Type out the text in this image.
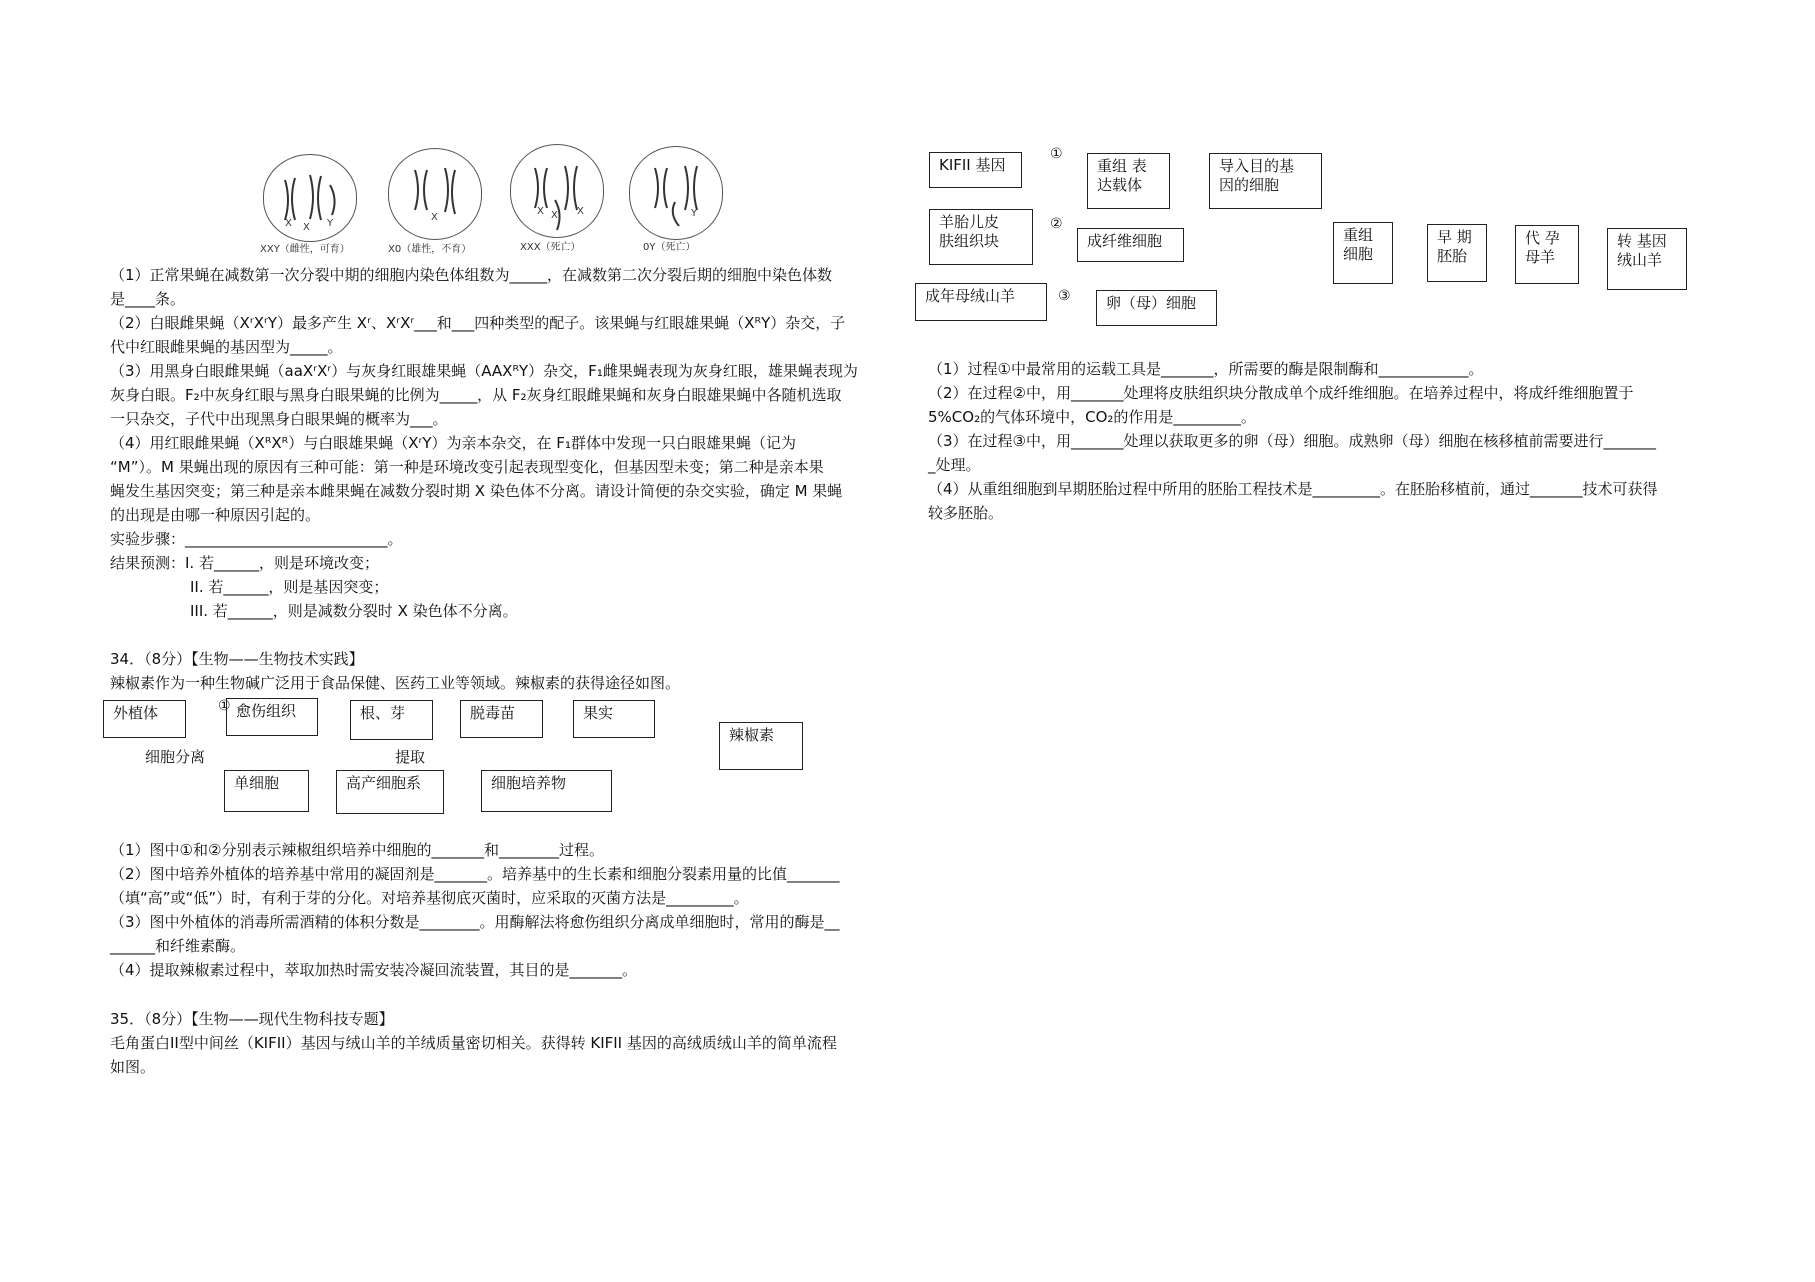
X X Y
X
X X X	Y
XXY（雌性，可育）	X0（雄性，不育）	XXX（死亡）	0Y（死亡）
（1）正常果蝇在减数第一次分裂中期的细胞内染色体组数为_____，在减数第二次分裂后期的细胞中染色体数
是____条。
（2）白眼雌果蝇（XʳXʳY）最多产生 Xʳ、XʳXʳ___和___四种类型的配子。该果蝇与红眼雄果蝇（XᴿY）杂交，子
代中红眼雌果蝇的基因型为_____。
（3）用黑身白眼雌果蝇（aaXʳXʳ）与灰身红眼雄果蝇（AAXᴿY）杂交，F₁雌果蝇表现为灰身红眼，雄果蝇表现为
灰身白眼。F₂中灰身红眼与黑身白眼果蝇的比例为_____，从 F₂灰身红眼雌果蝇和灰身白眼雄果蝇中各随机选取
一只杂交，子代中出现黑身白眼果蝇的概率为___。
（4）用红眼雌果蝇（XᴿXᴿ）与白眼雄果蝇（XʳY）为亲本杂交，在 F₁群体中发现一只白眼雄果蝇（记为
“M”）。M 果蝇出现的原因有三种可能：第一种是环境改变引起表现型变化，但基因型未变；第二种是亲本果
蝇发生基因突变；第三种是亲本雌果蝇在减数分裂时期 X 染色体不分离。请设计简便的杂交实验，确定 M 果蝇
的出现是由哪一种原因引起的。
实验步骤：___________________________。
结果预测：I. 若______，则是环境改变；
II. 若______，则是基因突变；
III. 若______，则是减数分裂时 X 染色体不分离。
34．（8分）【生物——生物技术实践】
辣椒素作为一种生物碱广泛用于食品保健、医药工业等领域。辣椒素的获得途径如图。
外植体	① 愈伤组织	根、芽	脱毒苗	果实
辣椒素
细胞分离	提取
单细胞	高产细胞系	细胞培养物
（1）图中①和②分别表示辣椒组织培养中细胞的_______和________过程。
（2）图中培养外植体的培养基中常用的凝固剂是_______。培养基中的生长素和细胞分裂素用量的比值_______
（填“高”或“低”）时，有利于芽的分化。对培养基彻底灭菌时，应采取的灭菌方法是_________。
（3）图中外植体的消毒所需酒精的体积分数是________。用酶解法将愈伤组织分离成单细胞时，常用的酶是__
______和纤维素酶。
（4）提取辣椒素过程中，萃取加热时需安装冷凝回流装置，其目的是_______。
35．（8分）【生物——现代生物科技专题】
毛角蛋白II型中间丝（KIFII）基因与绒山羊的羊绒质量密切相关。获得转 KIFII 基因的高绒质绒山羊的简单流程
如图。
KIFII 基因
①
重组 表
达载体
导入目的基
因的细胞
羊胎儿皮
肤组织块
②
成纤维细胞	重组
细胞
早 期
胚胎
代 孕
母羊
转 基因
绒山羊
成年母绒山羊	③	卵（母）细胞
（1）过程①中最常用的运载工具是_______，所需要的酶是限制酶和____________。
（2）在过程②中，用_______处理将皮肤组织块分散成单个成纤维细胞。在培养过程中，将成纤维细胞置于
5%CO₂的气体环境中，CO₂的作用是_________。
（3）在过程③中，用_______处理以获取更多的卵（母）细胞。成熟卵（母）细胞在核移植前需要进行_______
_处理。
（4）从重组细胞到早期胚胎过程中所用的胚胎工程技术是_________。在胚胎移植前，通过_______技术可获得
较多胚胎。
